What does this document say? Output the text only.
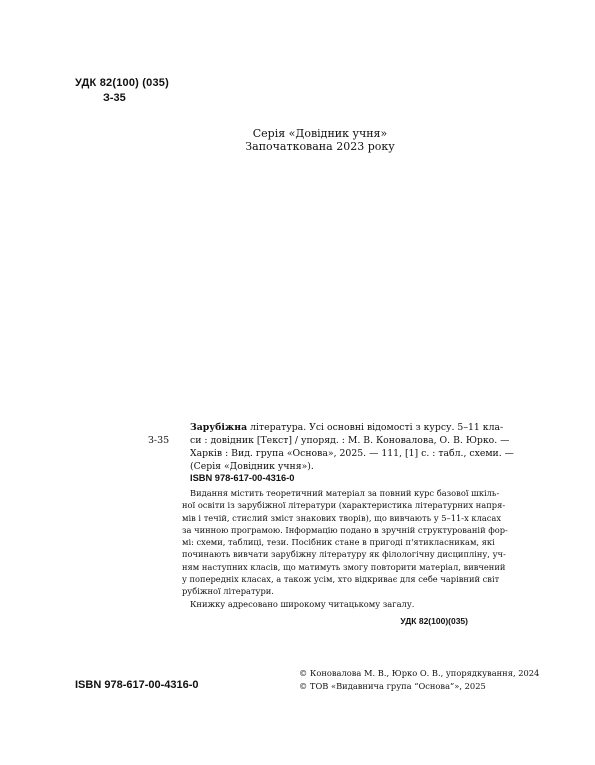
УДК 82(100) (035)
З-35
Серія «Довідник учня»
Започаткована 2023 року
З-35
Зарубіжна література. Усі основні відомості з курсу. 5–11 кла-
си : довідник [Текст] / упоряд. : М. В. Коновалова, О. В. Юрко. —
Харків : Вид. група «Основа», 2025. — 111, [1] с. : табл., схеми. —
(Серія «Довідник учня»).
ISBN 978-617-00-4316-0
Видання містить теоретичний матеріал за повний курс базової шкіль-
ної освіти із зарубіжної літератури (характеристика літературних напря-
мів і течій, стислий зміст знакових творів), що вивчають у 5–11-х класах
за чинною програмою. Інформацію подано в зручній структурованій фор-
мі: схеми, таблиці, тези. Посібник стане в пригоді п'ятикласникам, які
починають вивчати зарубіжну літературу як філологічну дисципліну, уч-
ням наступних класів, що матимуть змогу повторити матеріал, вивчений
у попередніх класах, а також усім, хто відкриває для себе чарівний світ
рубіжної літератури.
Книжку адресовано широкому читацькому загалу.
УДК 82(100)(035)
ISBN 978-617-00-4316-0
© Коновалова М. В., Юрко О. В., упорядкування, 2024
© ТОВ «Видавнича група “Основа”», 2025
